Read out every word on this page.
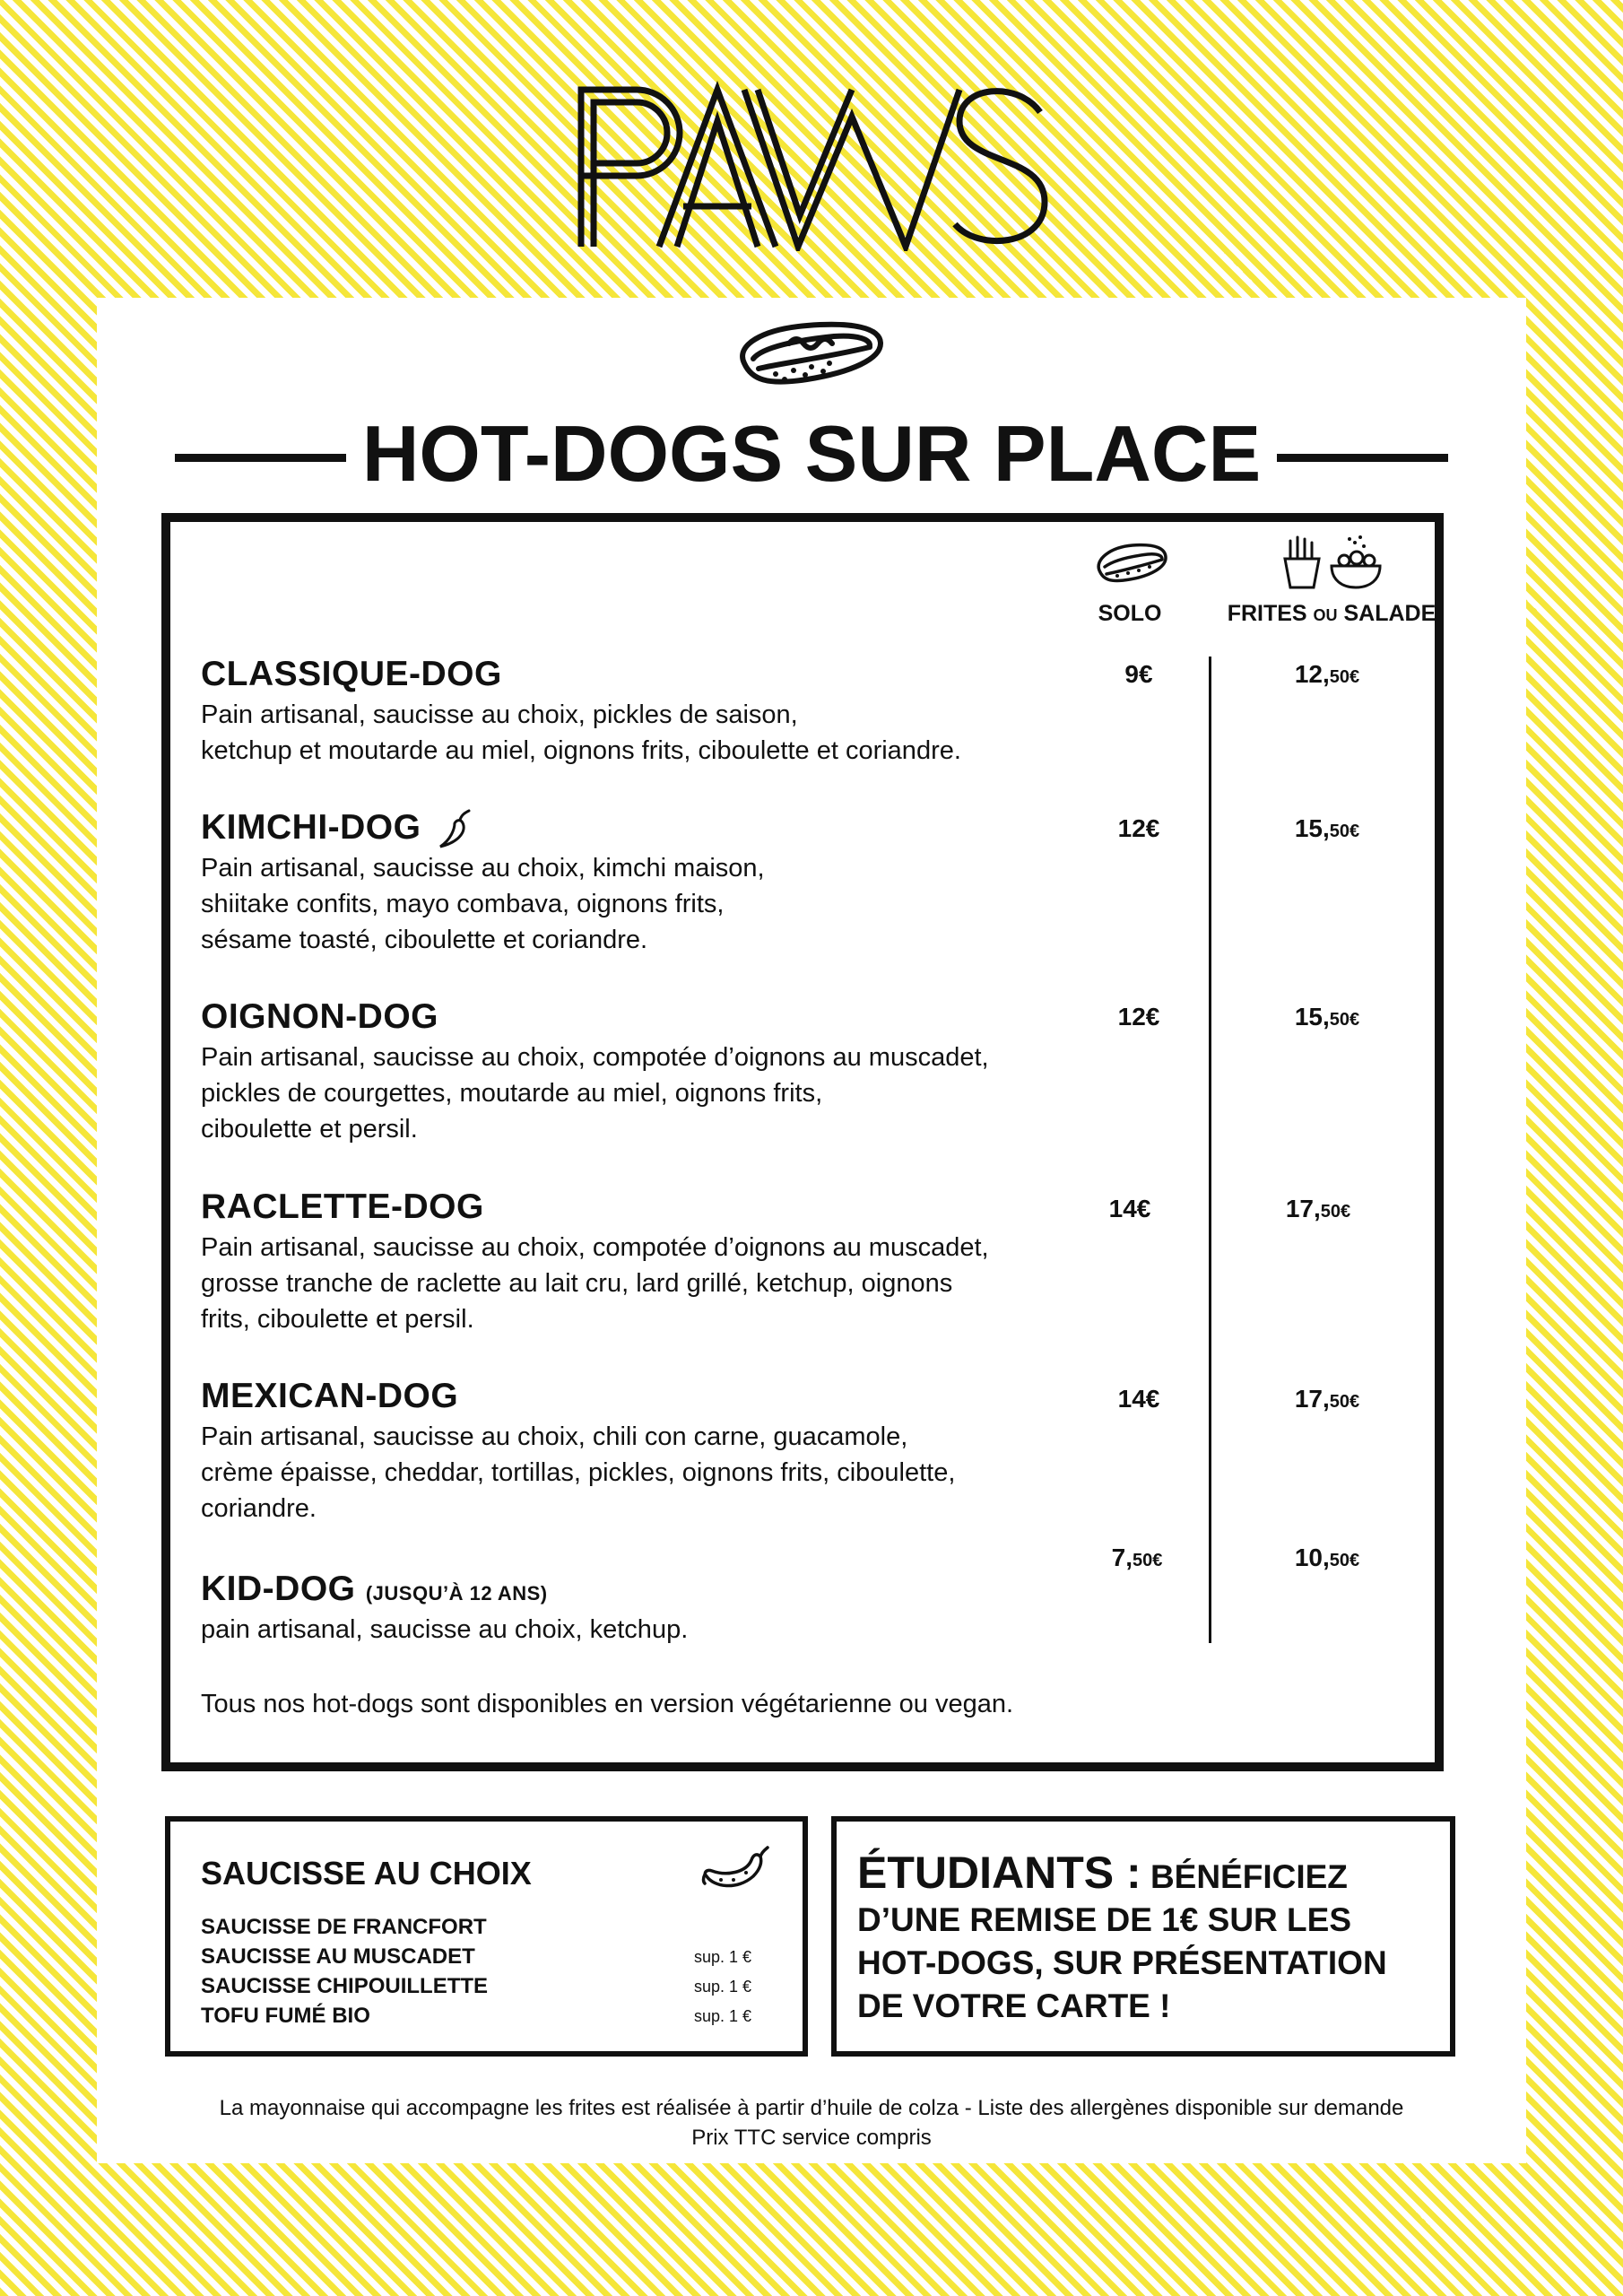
HOT-DOGS SUR PLACE
SOLO	FRITES OU SALADE
CLASSIQUE-DOG
Pain artisanal, saucisse au choix, pickles de saison,
ketchup et moutarde au miel, oignons frits, ciboulette et coriandre.
9€	12,50€
KIMCHI-DOG
Pain artisanal, saucisse au choix, kimchi maison,
shiitake confits, mayo combava, oignons frits,
sésame toasté, ciboulette et coriandre.
12€	15,50€
OIGNON-DOG
Pain artisanal, saucisse au choix, compotée d’oignons au muscadet,
pickles de courgettes, moutarde au miel, oignons frits,
ciboulette et persil.
12€	15,50€
RACLETTE-DOG
Pain artisanal, saucisse au choix, compotée d’oignons au muscadet,
grosse tranche de raclette au lait cru, lard grillé, ketchup, oignons
frits, ciboulette et persil.
14€	17,50€
MEXICAN-DOG
Pain artisanal, saucisse au choix, chili con carne, guacamole,
crème épaisse, cheddar, tortillas, pickles, oignons frits, ciboulette,
coriandre.
14€	17,50€
KID-DOG (JUSQU’À 12 ANS)
pain artisanal, saucisse au choix, ketchup.
7,50€	10,50€
Tous nos hot-dogs sont disponibles en version végétarienne ou vegan.
SAUCISSE AU CHOIX
SAUCISSE DE FRANCFORT
SAUCISSE AU MUSCADET	sup. 1 €
SAUCISSE CHIPOUILLETTE	sup. 1 €
TOFU FUMÉ BIO	sup. 1 €
ÉTUDIANTS : BÉNÉFICIEZ
D’UNE REMISE DE 1€ SUR LES
HOT-DOGS, SUR PRÉSENTATION
DE VOTRE CARTE !
La mayonnaise qui accompagne les frites est réalisée à partir d’huile de colza - Liste des allergènes disponible sur demande
Prix TTC service compris
